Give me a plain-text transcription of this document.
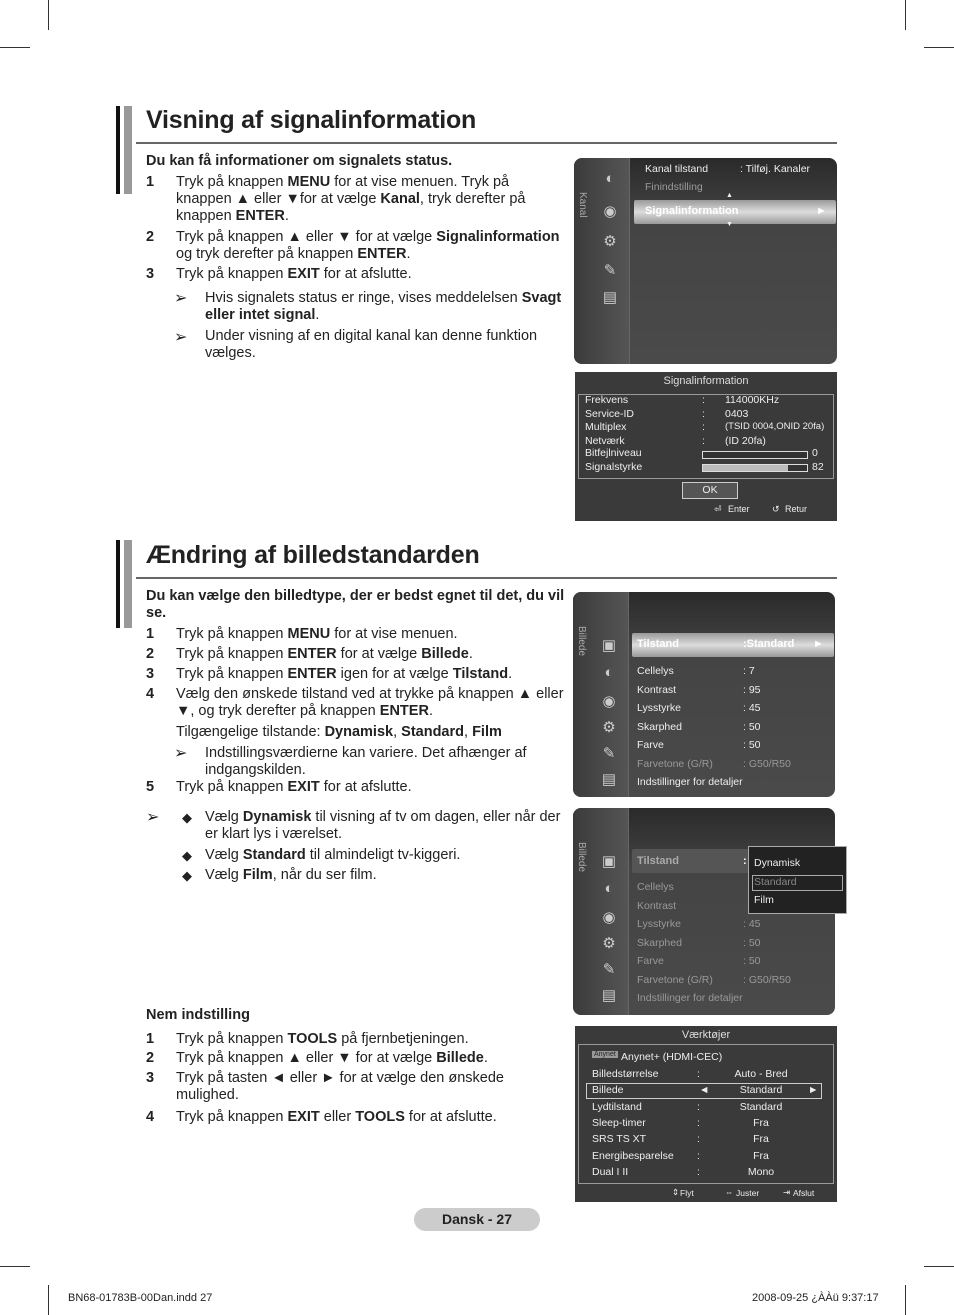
Visning af signalinformation
Du kan få informationer om signalets status.
1 Tryk på knappen MENU for at vise menuen. Tryk på knappen ▲ eller ▼for at vælge Kanal, tryk derefter på knappen ENTER.
2 Tryk på knappen ▲ eller ▼ for at vælge Signalinformation og tryk derefter på knappen ENTER.
3 Tryk på knappen EXIT for at afslutte.
➢ Hvis signalets status er ringe, vises meddelelsen Svagt eller intet signal.
➢ Under visning af en digital kanal kan denne funktion vælges.
Kanal
◐
◉
⚙
✎
▤
Kanal tilstand	: Tilføj. Kanaler
Finindstilling
▲
Signalinformation	►
▼
Signalinformation
Frekvens	: 114000KHz
Service-ID	: 0403
Multiplex	: (TSID 0004,ONID 20fa)
Netværk	: (ID 20fa)
Bitfejlniveau	0
Signalstyrke	82
OK
⏎ Enter ↺ Retur
Ændring af billedstandarden
Du kan vælge den billedtype, der er bedst egnet til det, du vil se.
1 Tryk på knappen MENU for at vise menuen.
2 Tryk på knappen ENTER for at vælge Billede.
3 Tryk på knappen ENTER igen for at vælge Tilstand.
4 Vælg den ønskede tilstand ved at trykke på knappen ▲ eller ▼, og tryk derefter på knappen ENTER.
Tilgængelige tilstande: Dynamisk, Standard, Film
➢ Indstillingsværdierne kan variere. Det afhænger af indgangskilden.
5 Tryk på knappen EXIT for at afslutte.
➢ ◆ Vælg Dynamisk til visning af tv om dagen, eller når der er klart lys i værelset.
◆ Vælg Standard til almindeligt tv-kiggeri.
◆ Vælg Film, når du ser film.
Billede ▣
◐
◉
⚙
✎
▤
Tilstand	:Standard ►
Cellelys	: 7
Kontrast	: 95
Lysstyrke	: 45
Skarphed	: 50
Farve	: 50
Farvetone (G/R)	: G50/R50
Indstillinger for detaljer
Billede ▣
◐
◉
⚙
✎
▤
Tilstand	:
Cellelys
Kontrast
Lysstyrke	: 45
Skarphed	: 50
Farve	: 50
Farvetone (G/R)	: G50/R50
Indstillinger for detaljer
Dynamisk
Standard
Film
Nem indstilling
1 Tryk på knappen TOOLS på fjernbetjeningen.
2 Tryk på knappen ▲ eller ▼ for at vælge Billede.
3 Tryk på tasten ◄ eller ► for at vælge den ønskede mulighed.
4 Tryk på knappen EXIT eller TOOLS for at afslutte.
Værktøjer
Anynet Anynet+ (HDMI-CEC)
Billedstørrelse	:	Auto - Bred
Billede	◄	Standard	►
Lydtilstand	:	Standard
Sleep-timer	:	Fra
SRS TS XT	:	Fra
Energibesparelse :	Fra
Dual I II	:	Mono
⇕ Flyt	⇔ Juster	⇥ Afslut
Dansk - 27
BN68-01783B-00Dan.indd 27	2008-09-25 ¿ÀÀü 9:37:17
